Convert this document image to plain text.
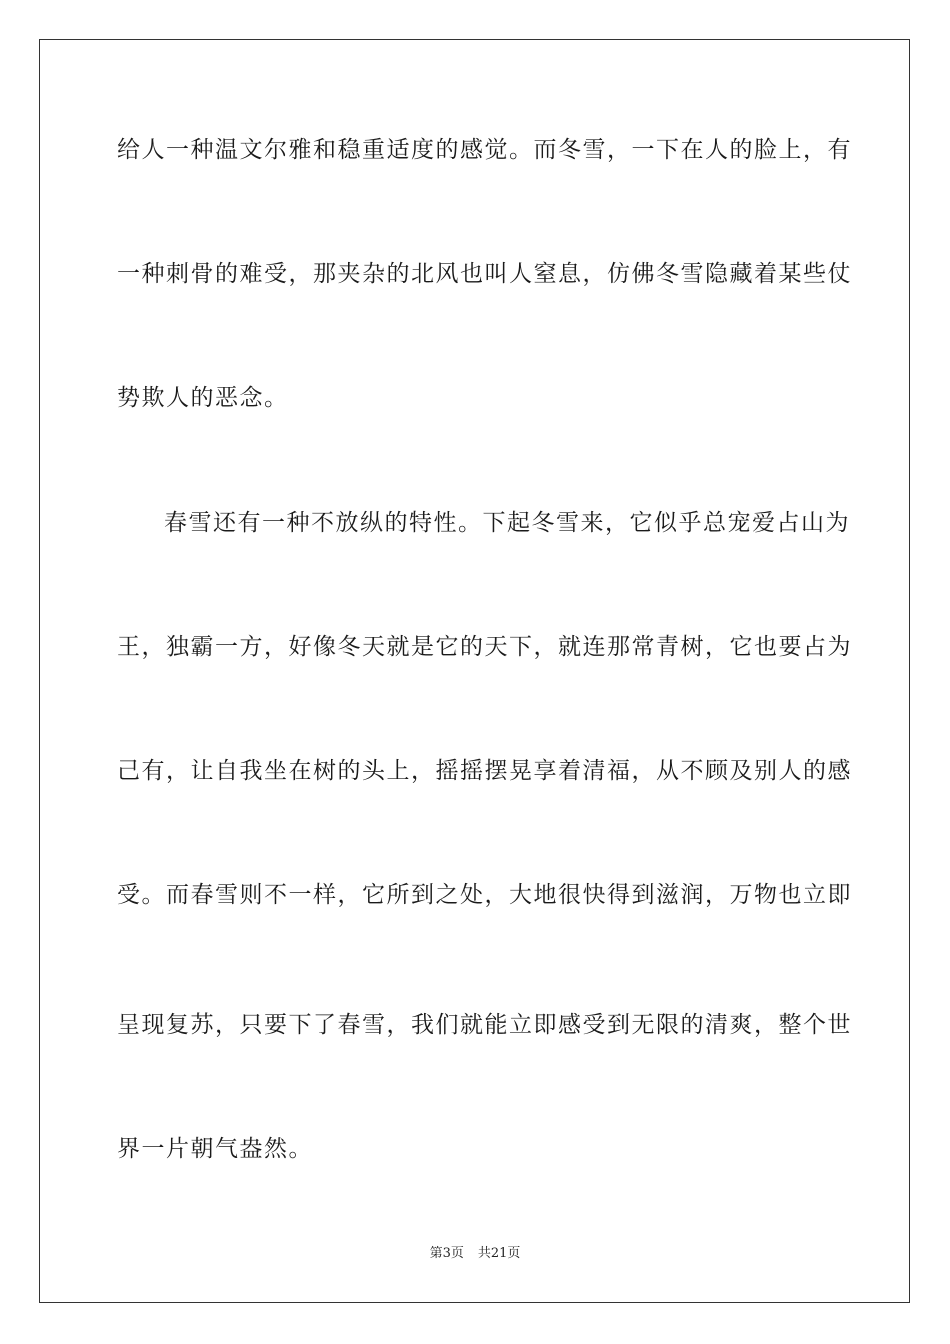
给人一种温文尔雅和稳重适度的感觉。而冬雪，一下在人的脸上，有
一种刺骨的难受，那夹杂的北风也叫人窒息，仿佛冬雪隐藏着某些仗
势欺人的恶念。
春雪还有一种不放纵的特性。下起冬雪来，它似乎总宠爱占山为
王，独霸一方，好像冬天就是它的天下，就连那常青树，它也要占为
己有，让自我坐在树的头上，摇摇摆晃享着清福，从不顾及别人的感
受。而春雪则不一样，它所到之处，大地很快得到滋润，万物也立即
呈现复苏，只要下了春雪，我们就能立即感受到无限的清爽，整个世
界一片朝气盎然。
第3页 共21页
